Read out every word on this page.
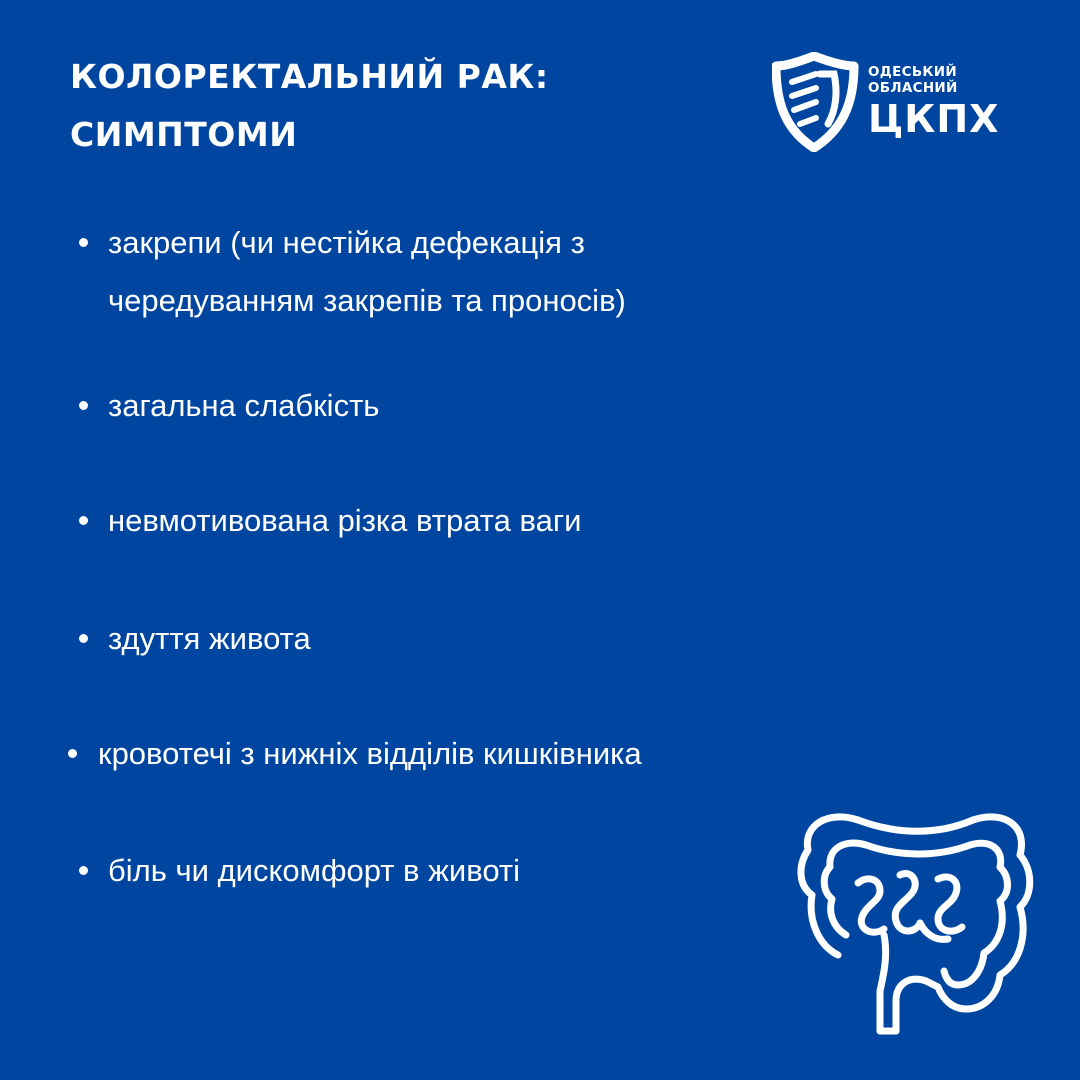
КОЛОРЕКТАЛЬНИЙ РАК:
СИМПТОМИ
ОДЕСЬКИЙ
ОБЛАСНИЙ
ЦКПХ
закрепи (чи нестійка дефекація з
чередуванням закрепів та проносів)
загальна слабкість
невмотивована різка втрата ваги
здуття живота
кровотечі з нижніх відділів кишківника
біль чи дискомфорт в животі
